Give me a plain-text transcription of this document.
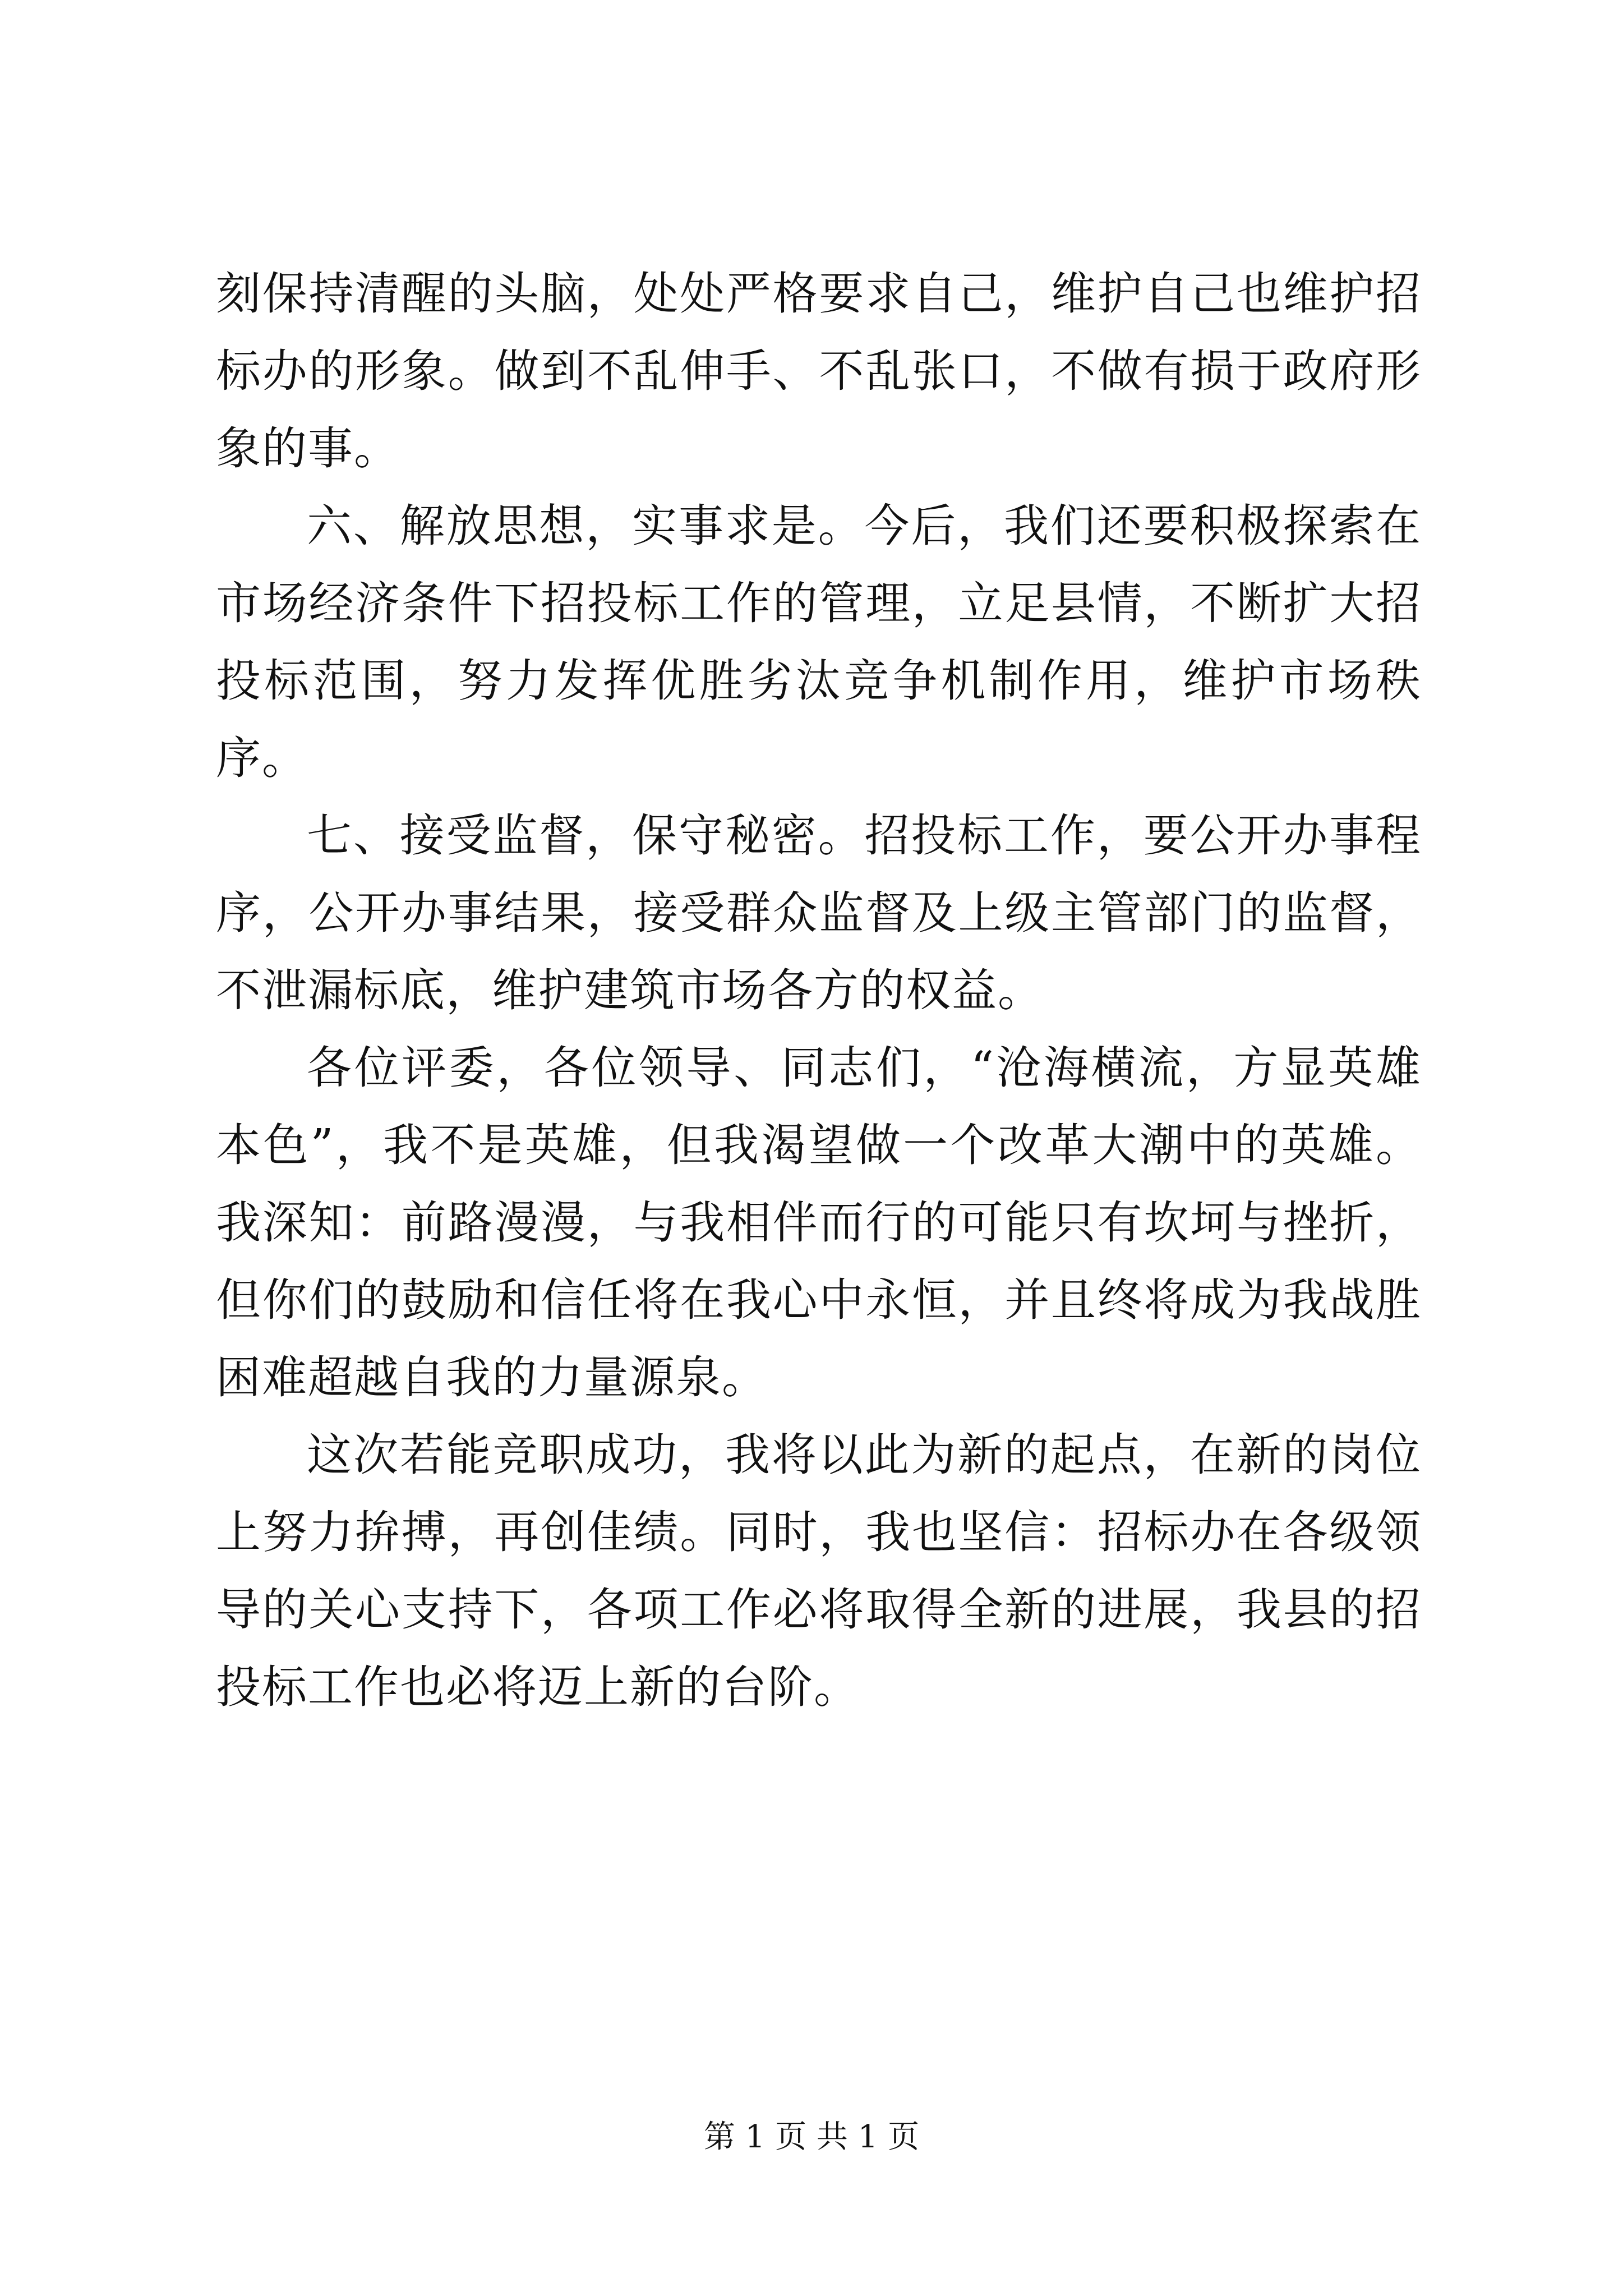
刻保持清醒的头脑，处处严格要求自己，维护自己也维护招标办的形象。做到不乱伸手、不乱张口，不做有损于政府形象的事。

六、解放思想，实事求是。今后，我们还要积极探索在市场经济条件下招投标工作的管理，立足县情，不断扩大招投标范围，努力发挥优胜劣汰竞争机制作用，维护市场秩序。

七、接受监督，保守秘密。招投标工作，要公开办事程序，公开办事结果，接受群众监督及上级主管部门的监督，不泄漏标底，维护建筑市场各方的权益。

各位评委，各位领导、同志们，“沧海横流，方显英雄本色”，我不是英雄，但我渴望做一个改革大潮中的英雄。我深知：前路漫漫，与我相伴而行的可能只有坎坷与挫折，但你们的鼓励和信任将在我心中永恒，并且终将成为我战胜困难超越自我的力量源泉。

这次若能竞职成功，我将以此为新的起点，在新的岗位上努力拚搏，再创佳绩。同时，我也坚信：招标办在各级领导的关心支持下，各项工作必将取得全新的进展，我县的招投标工作也必将迈上新的台阶。

第 1 页 共 1 页
